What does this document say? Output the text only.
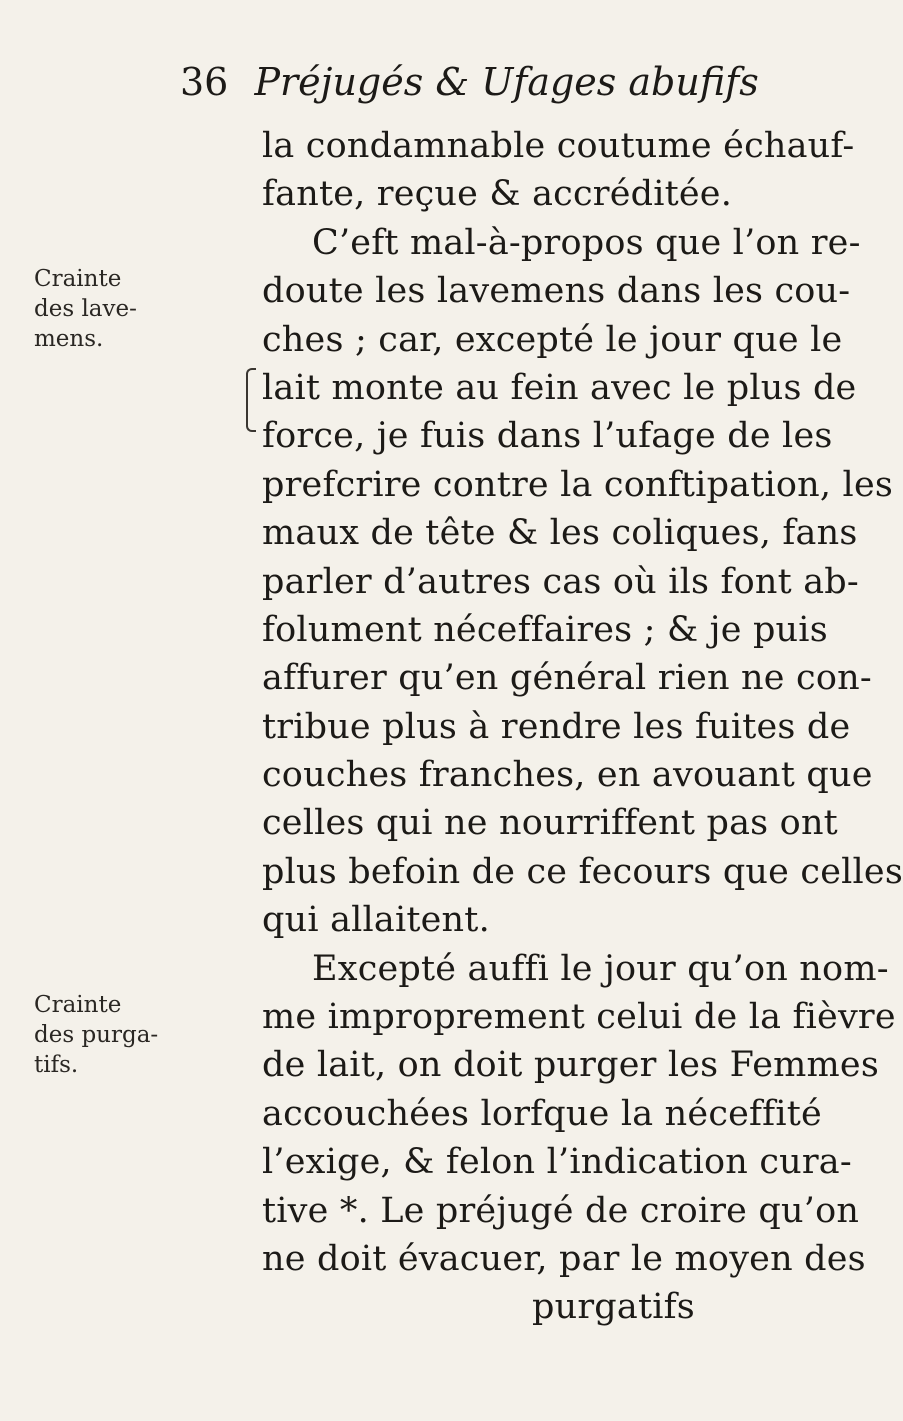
36 Préjugés & Ufages abufifs
Crainte
des lave-
mens.
Crainte
des purga-
tifs.
la condamnable coutume échauf-
fante, reçue & accréditée.
C’eft mal-à-propos que l’on re-
doute les lavemens dans les cou-
ches ; car, excepté le jour que le
lait monte au fein avec le plus de
force, je fuis dans l’ufage de les
prefcrire contre la conftipation, les
maux de tête & les coliques, fans
parler d’autres cas où ils font ab-
folument néceffaires ; & je puis
affurer qu’en général rien ne con-
tribue plus à rendre les fuites de
couches franches, en avouant que
celles qui ne nourriffent pas ont
plus befoin de ce fecours que celles
qui allaitent.
Excepté auffi le jour qu’on nom-
me improprement celui de la fièvre
de lait, on doit purger les Femmes
accouchées lorfque la néceffité
l’exige, & felon l’indication cura-
tive *. Le préjugé de croire qu’on
ne doit évacuer, par le moyen des
purgatifs
